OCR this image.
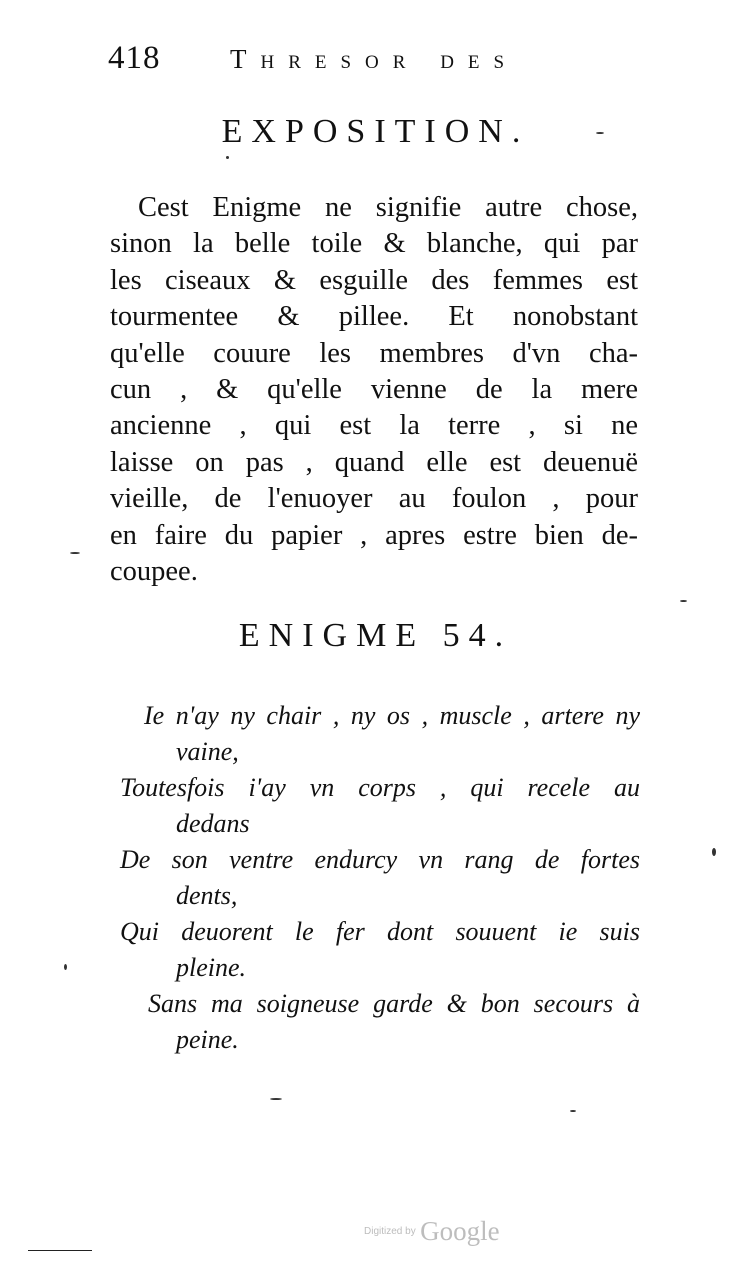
418	Thresor des
EXPOSITION.
Cest Enigme ne signifie autre chose,
sinon la belle toile & blanche, qui par
les ciseaux & esguille des femmes est
tourmentee & pillee. Et nonobstant
qu'elle couure les membres d'vn cha-
cun , & qu'elle vienne de la mere
ancienne , qui est la terre , si ne
laisse on pas , quand elle est deuenuë
vieille, de l'enuoyer au foulon , pour
en faire du papier , apres estre bien de-
coupee.
ENIGME 54.
Ie n'ay ny chair , ny os , muscle , artere ny
vaine,
Toutesfois i'ay vn corps , qui recele au
dedans
De son ventre endurcy vn rang de fortes
dents,
Qui deuorent le fer dont souuent ie suis
pleine.
Sans ma soigneuse garde & bon secours à
peine.
Digitized by Google
